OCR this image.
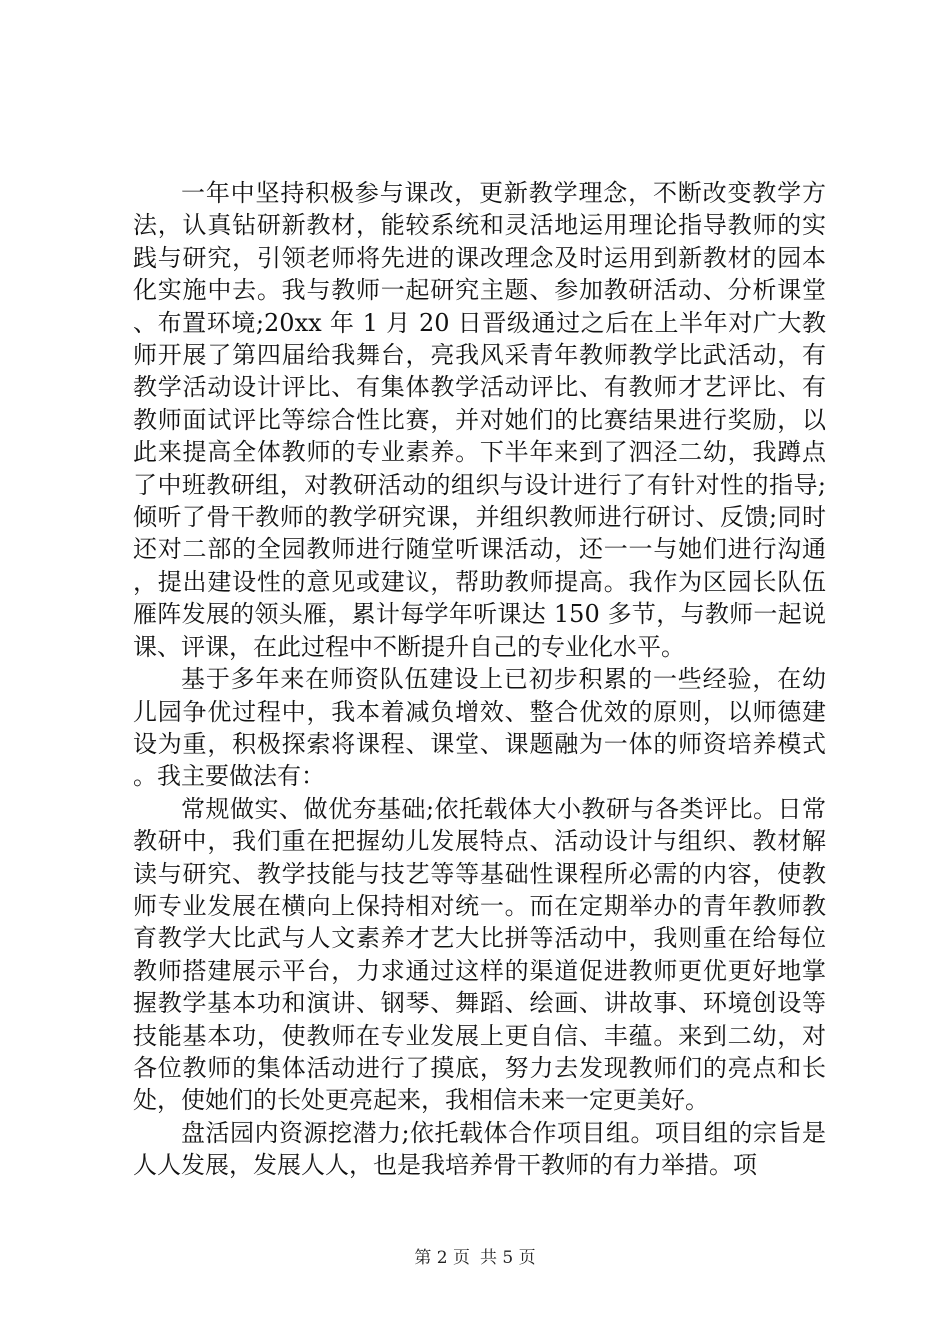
一年中坚持积极参与课改，更新教学理念，不断改变教学方法，认真钻研新教材，能较系统和灵活地运用理论指导教师的实践与研究，引领老师将先进的课改理念及时运用到新教材的园本化实施中去。我与教师一起研究主题、参加教研活动、分析课堂、布置环境;20xx 年 1 月 20 日晋级通过之后在上半年对广大教师开展了第四届给我舞台，亮我风采青年教师教学比武活动，有教学活动设计评比、有集体教学活动评比、有教师才艺评比、有教师面试评比等综合性比赛，并对她们的比赛结果进行奖励，以此来提高全体教师的专业素养。下半年来到了泗泾二幼，我蹲点了中班教研组，对教研活动的组织与设计进行了有针对性的指导;倾听了骨干教师的教学研究课，并组织教师进行研讨、反馈;同时还对二部的全园教师进行随堂听课活动，还一一与她们进行沟通，提出建设性的意见或建议，帮助教师提高。我作为区园长队伍雁阵发展的领头雁，累计每学年听课达 150 多节，与教师一起说课、评课，在此过程中不断提升自己的专业化水平。

基于多年来在师资队伍建设上已初步积累的一些经验，在幼儿园争优过程中，我本着减负增效、整合优效的原则，以师德建设为重，积极探索将课程、课堂、课题融为一体的师资培养模式。我主要做法有：

常规做实、做优夯基础;依托载体大小教研与各类评比。日常教研中，我们重在把握幼儿发展特点、活动设计与组织、教材解读与研究、教学技能与技艺等等基础性课程所必需的内容，使教师专业发展在横向上保持相对统一。而在定期举办的青年教师教育教学大比武与人文素养才艺大比拼等活动中，我则重在给每位教师搭建展示平台，力求通过这样的渠道促进教师更优更好地掌握教学基本功和演讲、钢琴、舞蹈、绘画、讲故事、环境创设等技能基本功，使教师在专业发展上更自信、丰蕴。来到二幼，对各位教师的集体活动进行了摸底，努力去发现教师们的亮点和长处，使她们的长处更亮起来，我相信未来一定更美好。

盘活园内资源挖潜力;依托载体合作项目组。项目组的宗旨是人人发展，发展人人，也是我培养骨干教师的有力举措。项

第 2 页 共 5 页
